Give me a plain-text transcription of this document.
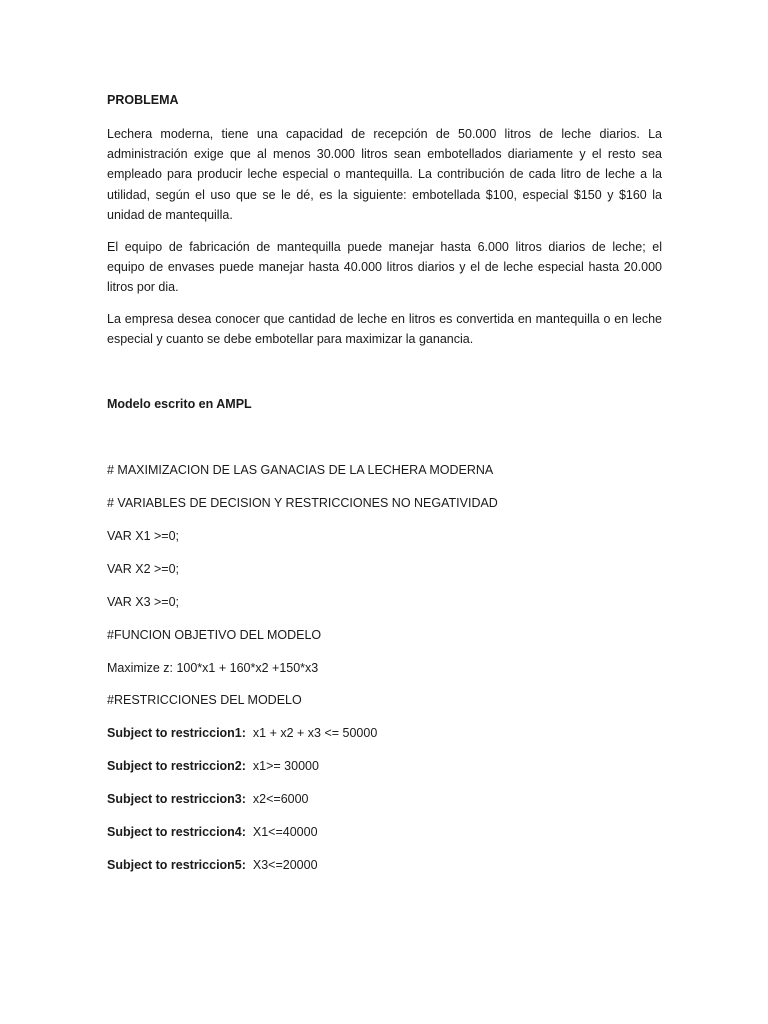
PROBLEMA
Lechera moderna, tiene una capacidad de recepción de 50.000 litros de leche diarios. La
administración exige que al menos 30.000 litros sean embotellados diariamente y el resto sea
empleado para producir leche especial o mantequilla. La contribución de cada litro de leche a la
utilidad, según el uso que se le dé, es la siguiente: embotellada $100, especial $150 y $160 la
unidad de mantequilla.
El equipo de fabricación de mantequilla puede manejar hasta 6.000 litros diarios de leche; el
equipo de envases puede manejar hasta 40.000 litros diarios y el de leche especial hasta 20.000
litros por dia.
La empresa desea conocer que cantidad de leche en litros es convertida en mantequilla o en leche
especial y cuanto se debe embotellar para maximizar la ganancia.
Modelo escrito en AMPL
# MAXIMIZACION DE LAS GANACIAS DE LA LECHERA MODERNA
# VARIABLES DE DECISION Y RESTRICCIONES NO NEGATIVIDAD
VAR X1 >=0;
VAR X2 >=0;
VAR X3 >=0;
#FUNCION OBJETIVO DEL MODELO
Maximize z: 100*x1 + 160*x2 +150*x3
#RESTRICCIONES DEL MODELO
Subject to restriccion1: x1 + x2 + x3 <= 50000
Subject to restriccion2: x1>= 30000
Subject to restriccion3: x2<=6000
Subject to restriccion4: X1<=40000
Subject to restriccion5: X3<=20000
